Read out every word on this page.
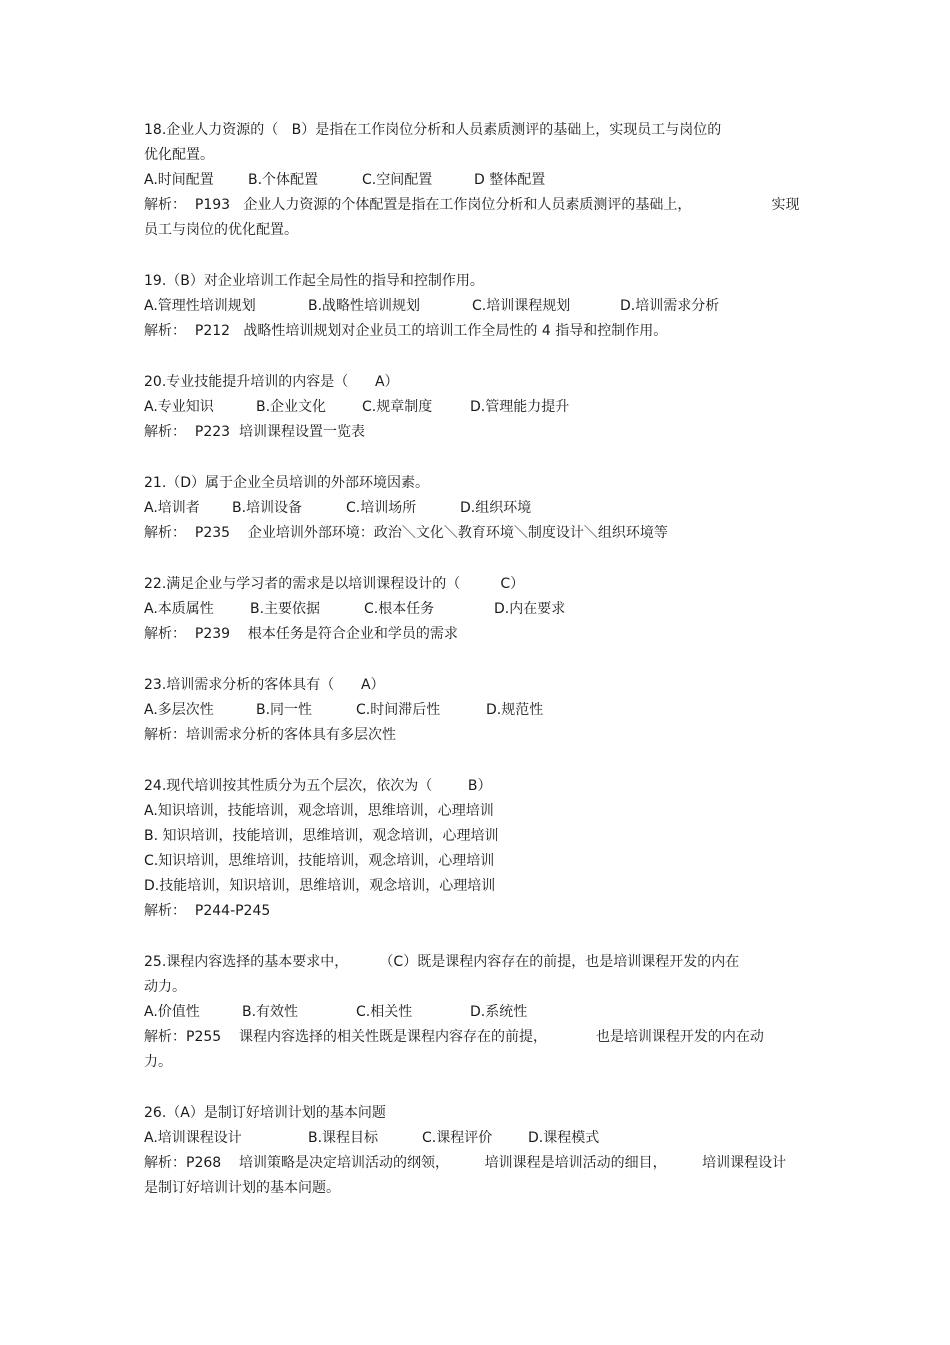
18.企业人力资源的（   B）是指在工作岗位分析和人员素质测评的基础上，实现员工与岗位的
优化配置。
A.时间配置	B.个体配置	C.空间配置	D 整体配置
解析：  P193   企业人力资源的个体配置是指在工作岗位分析和人员素质测评的基础上，                  实现
员工与岗位的优化配置。
19.（B）对企业培训工作起全局性的指导和控制作用。
A.管理性培训规划	B.战略性培训规划	C.培训课程规划	D.培训需求分析
解析：  P212   战略性培训规划对企业员工的培训工作全局性的 4 指导和控制作用。
20.专业技能提升培训的内容是（      A）
A.专业知识	B.企业文化	C.规章制度	D.管理能力提升
解析：  P223  培训课程设置一览表
21.（D）属于企业全员培训的外部环境因素。
A.培训者	B.培训设备	C.培训场所	D.组织环境
解析：  P235    企业培训外部环境：政治＼文化＼教育环境＼制度设计＼组织环境等
22.满足企业与学习者的需求是以培训课程设计的（         C）
A.本质属性	B.主要依据	C.根本任务	D.内在要求
解析：  P239    根本任务是符合企业和学员的需求
23.培训需求分析的客体具有（      A）
A.多层次性	B.同一性	C.时间滞后性	D.规范性
解析：培训需求分析的客体具有多层次性
24.现代培训按其性质分为五个层次，依次为（        B）
A.知识培训，技能培训，观念培训，思维培训，心理培训
B. 知识培训，技能培训，思维培训，观念培训，心理培训
C.知识培训，思维培训，技能培训，观念培训，心理培训
D.技能培训，知识培训，思维培训，观念培训，心理培训
解析：  P244-P245
25.课程内容选择的基本要求中，       （C）既是课程内容存在的前提，也是培训课程开发的内在
动力。
A.价值性	B.有效性	C.相关性	D.系统性
解析：P255    课程内容选择的相关性既是课程内容存在的前提，           也是培训课程开发的内在动
力。
26.（A）是制订好培训计划的基本问题
A.培训课程设计	B.课程目标	C.课程评价	D.课程模式
解析：P268    培训策略是决定培训活动的纲领，        培训课程是培训活动的细目，        培训课程设计
是制订好培训计划的基本问题。
